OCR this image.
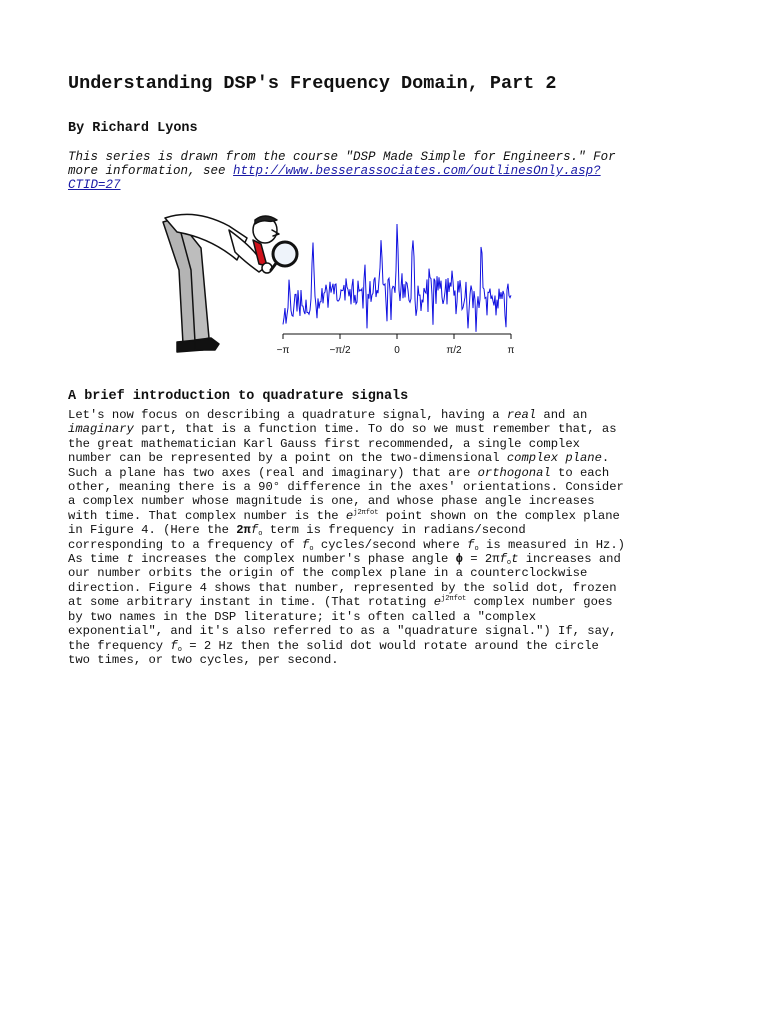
Understanding DSP's Frequency Domain, Part 2

By Richard Lyons

This series is drawn from the course "DSP Made Simple for Engineers." For more information, see http://www.besserassociates.com/outlinesOnly.asp?CTID=27

−π	−π/2	0	π/2	π
A brief introduction to quadrature signals

Let's now focus on describing a quadrature signal, having a real and an imaginary part, that is a function time. To do so we must remember that, as the great mathematician Karl Gauss first recommended, a single complex number can be represented by a point on the two-dimensional complex plane. Such a plane has two axes (real and imaginary) that are orthogonal to each other, meaning there is a 90° difference in the axes' orientations. Consider a complex number whose magnitude is one, and whose phase angle increases with time. That complex number is the $e^{j2\pi fot}$ point shown on the complex plane in Figure 4. (Here the $2\pi f_o$ term is frequency in radians/second corresponding to a frequency of $f_o$ cycles/second where $f_o$ is measured in Hz.) As time t increases the complex number's phase angle $\phi = 2\pi f_ot$ increases and our number orbits the origin of the complex plane in a counterclockwise direction. Figure 4 shows that number, represented by the solid dot, frozen at some arbitrary instant in time. (That rotating $e^{j2\pi fot}$ complex number goes by two names in the DSP literature; it's often called a "complex exponential", and it's also referred to as a "quadrature signal.") If, say, the frequency $f_o = 2$ Hz then the solid dot would rotate around the circle two times, or two cycles, per second.
